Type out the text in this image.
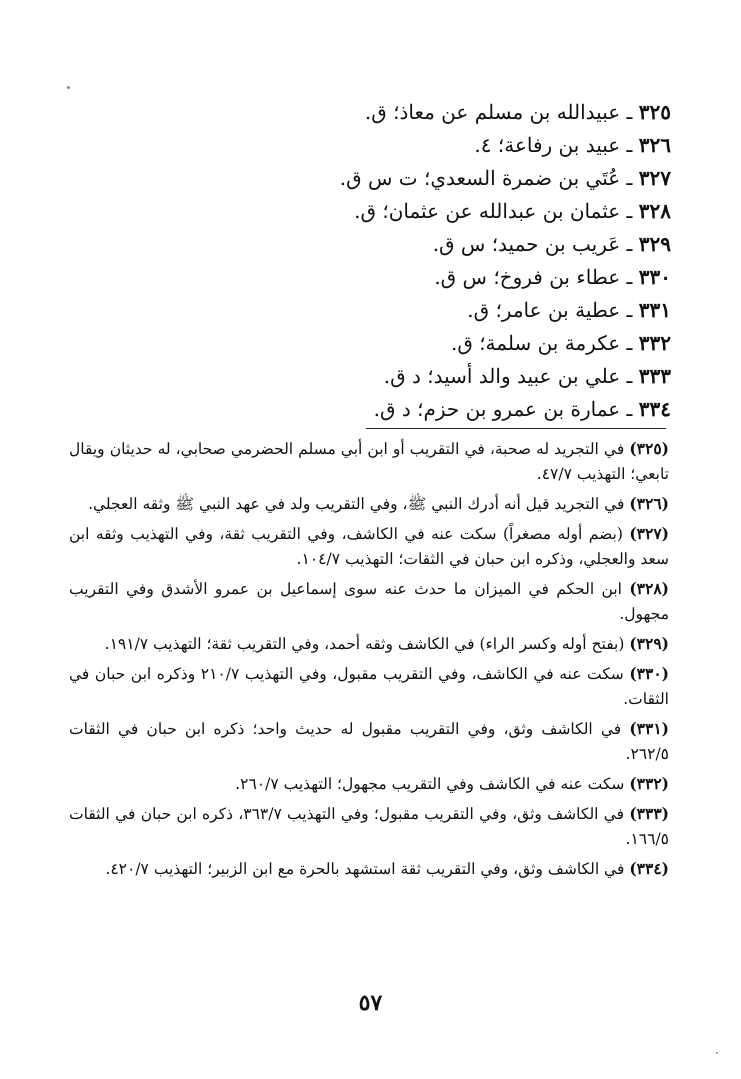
٣٢٥ ـ عبيدالله بن مسلم عن معاذ؛ ق.
٣٢٦ ـ عبيد بن رفاعة؛ ٤.
٣٢٧ ـ عُتَي بن ضمرة السعدي؛ ت س ق.
٣٢٨ ـ عثمان بن عبدالله عن عثمان؛ ق.
٣٢٩ ـ عَريب بن حميد؛ س ق.
٣٣٠ ـ عطاء بن فروخ؛ س ق.
٣٣١ ـ عطية بن عامر؛ ق.
٣٣٢ ـ عكرمة بن سلمة؛ ق.
٣٣٣ ـ علي بن عبيد والد أسيد؛ د ق.
٣٣٤ ـ عمارة بن عمرو بن حزم؛ د ق.
(٣٢٥) في التجريد له صحبة، في التقريب أو ابن أبي مسلم الحضرمي صحابي، له حديثان ويقال تابعي؛ التهذيب ٤٧/٧.
(٣٢٦) في التجريد قيل أنه أدرك النبي ﷺ، وفي التقريب ولد في عهد النبي ﷺ وثقه العجلي.
(٣٢٧) (بضم أوله مصغراً) سكت عنه في الكاشف، وفي التقريب ثقة، وفي التهذيب وثقه ابن سعد والعجلي، وذكره ابن حبان في الثقات؛ التهذيب ١٠٤/٧.
(٣٢٨) ابن الحكم في الميزان ما حدث عنه سوى إسماعيل بن عمرو الأشدق وفي التقريب مجهول.
(٣٢٩) (بفتح أوله وكسر الراء) في الكاشف وثقه أحمد، وفي التقريب ثقة؛ التهذيب ١٩١/٧.
(٣٣٠) سكت عنه في الكاشف، وفي التقريب مقبول، وفي التهذيب ٢١٠/٧ وذكره ابن حبان في الثقات.
(٣٣١) في الكاشف وثق، وفي التقريب مقبول له حديث واحد؛ ذكره ابن حبان في الثقات ٢٦٢/٥.
(٣٣٢) سكت عنه في الكاشف وفي التقريب مجهول؛ التهذيب ٢٦٠/٧.
(٣٣٣) في الكاشف وثق، وفي التقريب مقبول؛ وفي التهذيب ٣٦٣/٧، ذكره ابن حبان في الثقات ١٦٦/٥.
(٣٣٤) في الكاشف وثق، وفي التقريب ثقة استشهد بالحرة مع ابن الزبير؛ التهذيب ٤٢٠/٧.
٥٧
